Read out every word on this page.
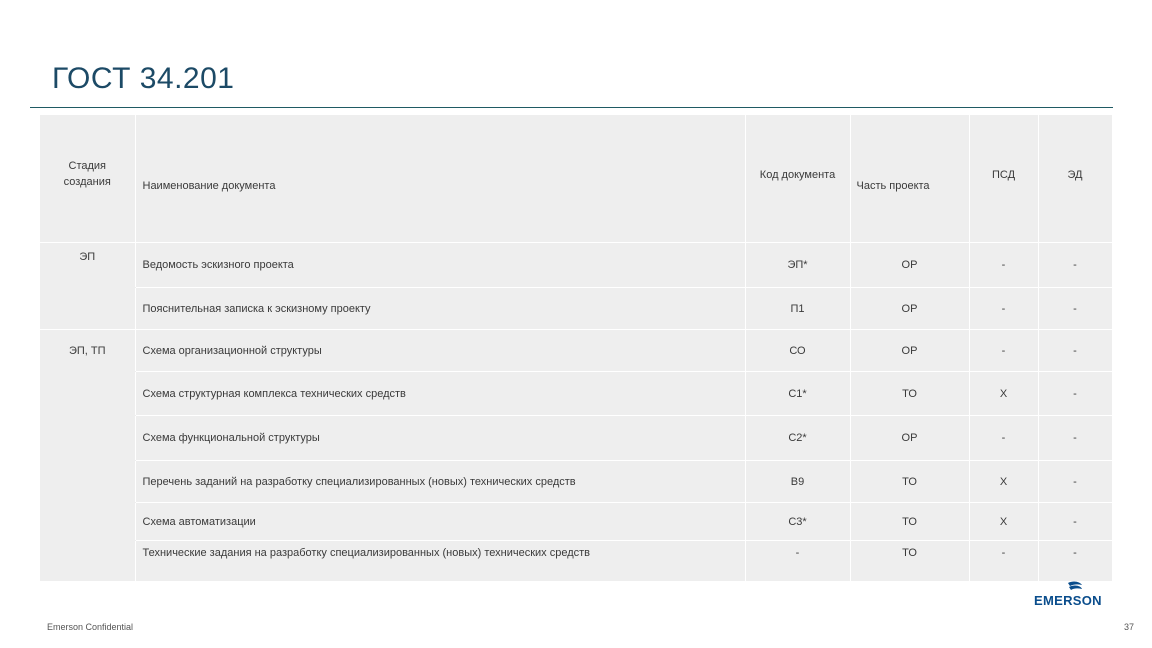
ГОСТ 34.201
Стадия
создания	Наименование документа	Код документа	Часть проекта	ПСД	ЭД

ЭП	Ведомость эскизного проекта	ЭП*	ОР	-	-
	Пояснительная записка к эскизному проекту	П1	ОР	-	-
ЭП, ТП	Схема организационной структуры	СО	ОР	-	-
	Схема структурная комплекса технических средств	С1*	ТО	Х	-
	Схема функциональной структуры	С2*	ОР	-	-
	Перечень заданий на разработку специализированных (новых) технических средств	В9	ТО	Х	-
	Схема автоматизации	С3*	ТО	Х	-
	Технические задания на разработку специализированных (новых) технических средств	-	ТО	-	-
EMERSON
Emerson Confidential	37
